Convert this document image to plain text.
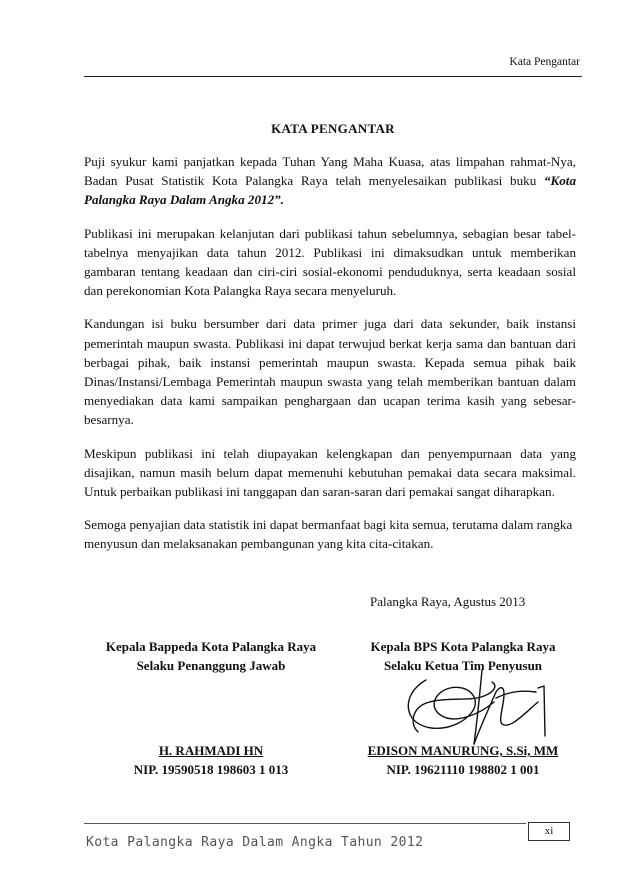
Kata Pengantar
KATA PENGANTAR

Puji syukur kami panjatkan kepada Tuhan Yang Maha Kuasa, atas limpahan rahmat-Nya, Badan Pusat Statistik Kota Palangka Raya telah menyelesaikan publikasi buku “Kota Palangka Raya Dalam Angka 2012”.

Publikasi ini merupakan kelanjutan dari publikasi tahun sebelumnya, sebagian besar tabel-tabelnya menyajikan data tahun 2012. Publikasi ini dimaksudkan untuk memberikan gambaran tentang keadaan dan ciri-ciri sosial-ekonomi penduduknya, serta keadaan sosial dan perekonomian Kota Palangka Raya secara menyeluruh.

Kandungan isi buku bersumber dari data primer juga dari data sekunder, baik instansi pemerintah maupun swasta. Publikasi ini dapat terwujud berkat kerja sama dan bantuan dari berbagai pihak, baik instansi pemerintah maupun swasta. Kepada semua pihak baik Dinas/Instansi/Lembaga Pemerintah maupun swasta yang telah memberikan bantuan dalam menyediakan data kami sampaikan penghargaan dan ucapan terima kasih yang sebesar-besarnya.

Meskipun publikasi ini telah diupayakan kelengkapan dan penyempurnaan data yang disajikan, namun masih belum dapat memenuhi kebutuhan pemakai data secara maksimal. Untuk perbaikan publikasi ini tanggapan dan saran-saran dari pemakai sangat diharapkan.

Semoga penyajian data statistik ini dapat bermanfaat bagi kita semua, terutama dalam rangka menyusun dan melaksanakan pembangunan yang kita cita-citakan.

Palangka Raya, Agustus 2013
Kepala Bappeda Kota Palangka Raya
Selaku Penanggung Jawab
Kepala BPS Kota Palangka Raya
Selaku Ketua Tim Penyusun
H. RAHMADI HN
NIP. 19590518 198603 1 013
EDISON MANURUNG, S.Si, MM
NIP. 19621110 198802 1 001
Kota Palangka Raya Dalam Angka Tahun 2012
xi
